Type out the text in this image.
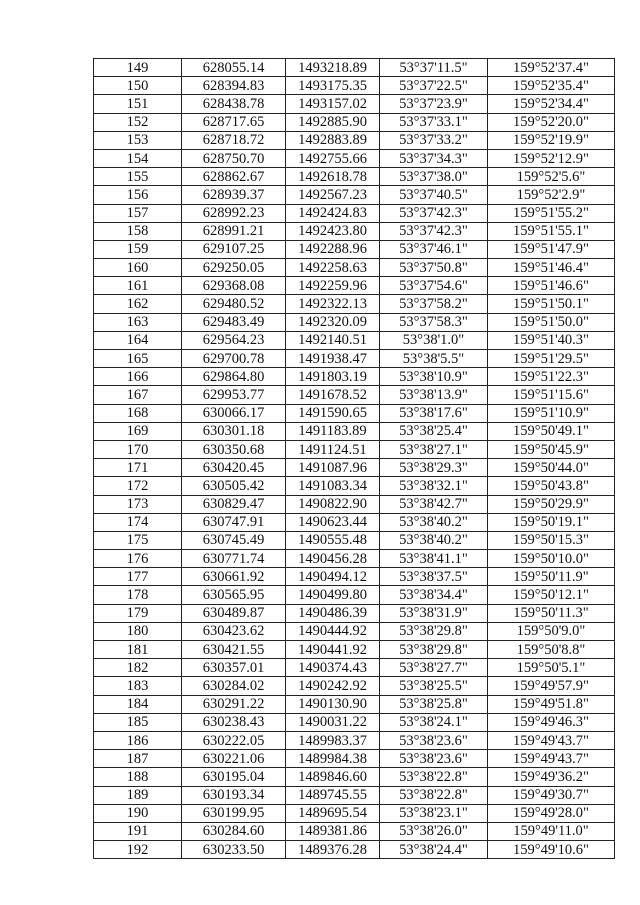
149	628055.14	1493218.89	53°37'11.5"	159°52'37.4"
150	628394.83	1493175.35	53°37'22.5"	159°52'35.4"
151	628438.78	1493157.02	53°37'23.9"	159°52'34.4"
152	628717.65	1492885.90	53°37'33.1"	159°52'20.0"
153	628718.72	1492883.89	53°37'33.2"	159°52'19.9"
154	628750.70	1492755.66	53°37'34.3"	159°52'12.9"
155	628862.67	1492618.78	53°37'38.0"	159°52'5.6"
156	628939.37	1492567.23	53°37'40.5"	159°52'2.9"
157	628992.23	1492424.83	53°37'42.3"	159°51'55.2"
158	628991.21	1492423.80	53°37'42.3"	159°51'55.1"
159	629107.25	1492288.96	53°37'46.1"	159°51'47.9"
160	629250.05	1492258.63	53°37'50.8"	159°51'46.4"
161	629368.08	1492259.96	53°37'54.6"	159°51'46.6"
162	629480.52	1492322.13	53°37'58.2"	159°51'50.1"
163	629483.49	1492320.09	53°37'58.3"	159°51'50.0"
164	629564.23	1492140.51	53°38'1.0"	159°51'40.3"
165	629700.78	1491938.47	53°38'5.5"	159°51'29.5"
166	629864.80	1491803.19	53°38'10.9"	159°51'22.3"
167	629953.77	1491678.52	53°38'13.9"	159°51'15.6"
168	630066.17	1491590.65	53°38'17.6"	159°51'10.9"
169	630301.18	1491183.89	53°38'25.4"	159°50'49.1"
170	630350.68	1491124.51	53°38'27.1"	159°50'45.9"
171	630420.45	1491087.96	53°38'29.3"	159°50'44.0"
172	630505.42	1491083.34	53°38'32.1"	159°50'43.8"
173	630829.47	1490822.90	53°38'42.7"	159°50'29.9"
174	630747.91	1490623.44	53°38'40.2"	159°50'19.1"
175	630745.49	1490555.48	53°38'40.2"	159°50'15.3"
176	630771.74	1490456.28	53°38'41.1"	159°50'10.0"
177	630661.92	1490494.12	53°38'37.5"	159°50'11.9"
178	630565.95	1490499.80	53°38'34.4"	159°50'12.1"
179	630489.87	1490486.39	53°38'31.9"	159°50'11.3"
180	630423.62	1490444.92	53°38'29.8"	159°50'9.0"
181	630421.55	1490441.92	53°38'29.8"	159°50'8.8"
182	630357.01	1490374.43	53°38'27.7"	159°50'5.1"
183	630284.02	1490242.92	53°38'25.5"	159°49'57.9"
184	630291.22	1490130.90	53°38'25.8"	159°49'51.8"
185	630238.43	1490031.22	53°38'24.1"	159°49'46.3"
186	630222.05	1489983.37	53°38'23.6"	159°49'43.7"
187	630221.06	1489984.38	53°38'23.6"	159°49'43.7"
188	630195.04	1489846.60	53°38'22.8"	159°49'36.2"
189	630193.34	1489745.55	53°38'22.8"	159°49'30.7"
190	630199.95	1489695.54	53°38'23.1"	159°49'28.0"
191	630284.60	1489381.86	53°38'26.0"	159°49'11.0"
192	630233.50	1489376.28	53°38'24.4"	159°49'10.6"
